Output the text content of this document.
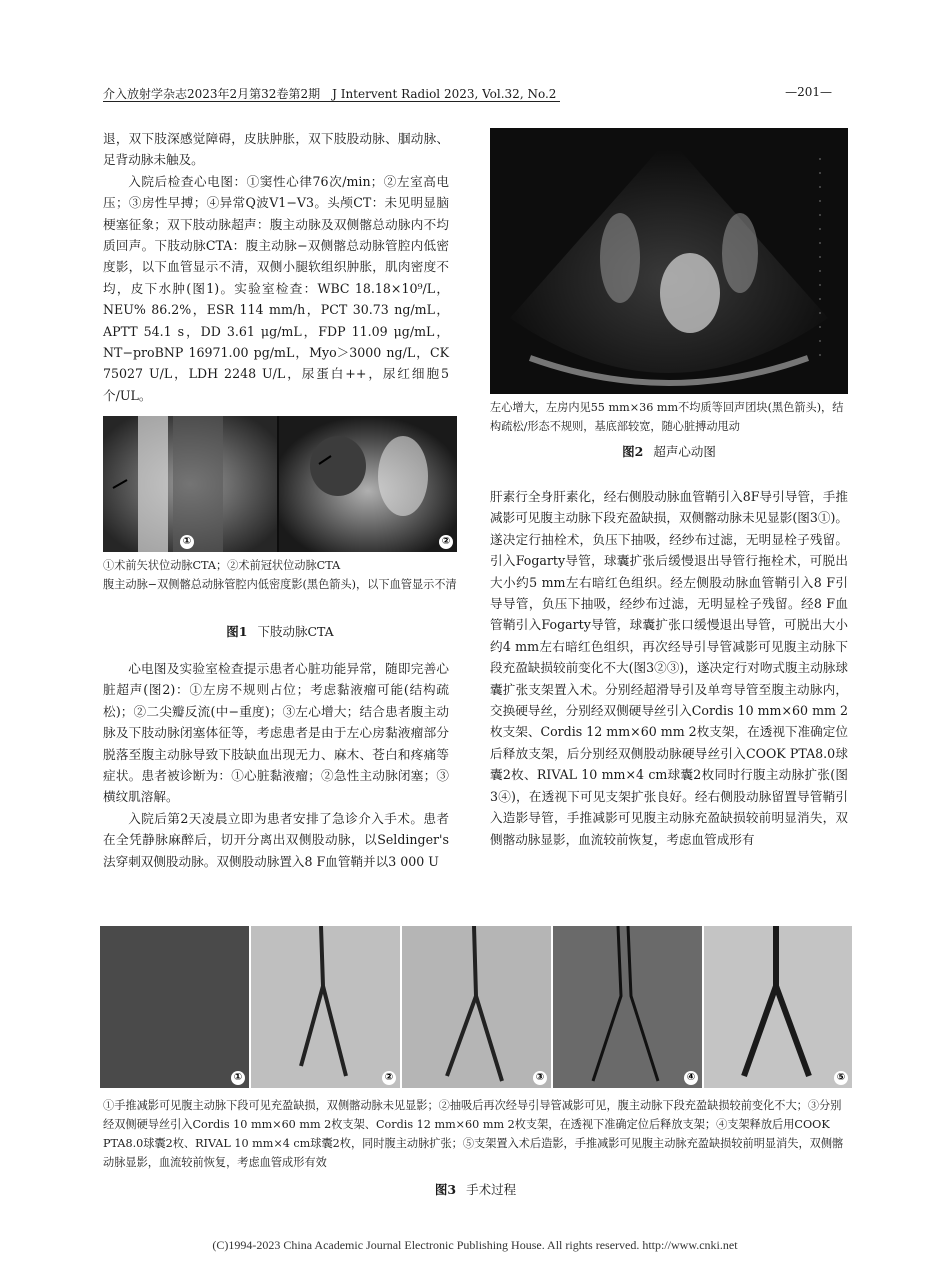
介入放射学杂志2023年2月第32卷第2期　J Intervent Radiol 2023, Vol.32, No.2	—201—

退，双下肢深感觉障碍，皮肤肿胀，双下肢股动脉、腘动脉、足背动脉未触及。

入院后检查心电图：①窦性心律76次/min；②左室高电压；③房性早搏；④异常Q波V1−V3。头颅CT：未见明显脑梗塞征象；双下肢动脉超声：腹主动脉及双侧髂总动脉内不均质回声。下肢动脉CTA：腹主动脉−双侧髂总动脉管腔内低密度影，以下血管显示不清，双侧小腿软组织肿胀，肌肉密度不均，皮下水肿(图1)。实验室检查：WBC 18.18×10⁹/L，NEU% 86.2%，ESR 114 mm/h，PCT 30.73 ng/mL，APTT 54.1 s，DD 3.61 μg/mL，FDP 11.09 μg/mL，NT−proBNP 16971.00 pg/mL，Myo＞3000 ng/L，CK 75027 U/L，LDH 2248 U/L，尿蛋白++，尿红细胞5个/UL。

①	②
①术前矢状位动脉CTA；②术前冠状位动脉CTA
腹主动脉−双侧髂总动脉管腔内低密度影(黑色箭头)，以下血管显示不清
图1 下肢动脉CTA

心电图及实验室检查提示患者心脏功能异常，随即完善心脏超声(图2)：①左房不规则占位；考虑黏液瘤可能(结构疏松)；②二尖瓣反流(中−重度)；③左心增大；结合患者腹主动脉及下肢动脉闭塞体征等，考虑患者是由于左心房黏液瘤部分脱落至腹主动脉导致下肢缺血出现无力、麻木、苍白和疼痛等症状。患者被诊断为：①心脏黏液瘤；②急性主动脉闭塞；③横纹肌溶解。

入院后第2天凌晨立即为患者安排了急诊介入手术。患者在全凭静脉麻醉后，切开分离出双侧股动脉，以Seldinger's法穿刺双侧股动脉。双侧股动脉置入8 F血管鞘并以3 000 U

左心增大，左房内见55 mm×36 mm不均质等回声团块(黑色箭头)，结构疏松/形态不规则，基底部较宽，随心脏搏动甩动
图2 超声心动图

肝素行全身肝素化，经右侧股动脉血管鞘引入8F导引导管，手推减影可见腹主动脉下段充盈缺损，双侧髂动脉未见显影(图3①)。遂决定行抽栓术，负压下抽吸，经纱布过滤，无明显栓子残留。引入Fogarty导管，球囊扩张后缓慢退出导管行拖栓术，可脱出大小约5 mm左右暗红色组织。经左侧股动脉血管鞘引入8 F引导导管，负压下抽吸，经纱布过滤，无明显栓子残留。经8 F血管鞘引入Fogarty导管，球囊扩张口缓慢退出导管，可脱出大小约4 mm左右暗红色组织，再次经导引导管减影可见腹主动脉下段充盈缺损较前变化不大(图3②③)，遂决定行对吻式腹主动脉球囊扩张支架置入术。分别经超滑导引及单弯导管至腹主动脉内，交换硬导丝，分别经双侧硬导丝引入Cordis 10 mm×60 mm 2枚支架、Cordis 12 mm×60 mm 2枚支架，在透视下准确定位后释放支架，后分别经双侧股动脉硬导丝引入COOK PTA8.0球囊2枚、RIVAL 10 mm×4 cm球囊2枚同时行腹主动脉扩张(图3④)，在透视下可见支架扩张良好。经右侧股动脉留置导管鞘引入造影导管，手推减影可见腹主动脉充盈缺损较前明显消失，双侧髂动脉显影，血流较前恢复，考虑血管成形有

①	②	③	④	⑤
①手推减影可见腹主动脉下段可见充盈缺损，双侧髂动脉未见显影；②抽吸后再次经导引导管减影可见，腹主动脉下段充盈缺损较前变化不大；③分别经双侧硬导丝引入Cordis 10 mm×60 mm 2枚支架、Cordis 12 mm×60 mm 2枚支架，在透视下准确定位后释放支架；④支架释放后用COOK PTA8.0球囊2枚、RIVAL 10 mm×4 cm球囊2枚，同时腹主动脉扩张；⑤支架置入术后造影，手推减影可见腹主动脉充盈缺损较前明显消失，双侧髂动脉显影，血流较前恢复，考虑血管成形有效
图3 手术过程
(C)1994-2023 China Academic Journal Electronic Publishing House. All rights reserved. http://www.cnki.net
